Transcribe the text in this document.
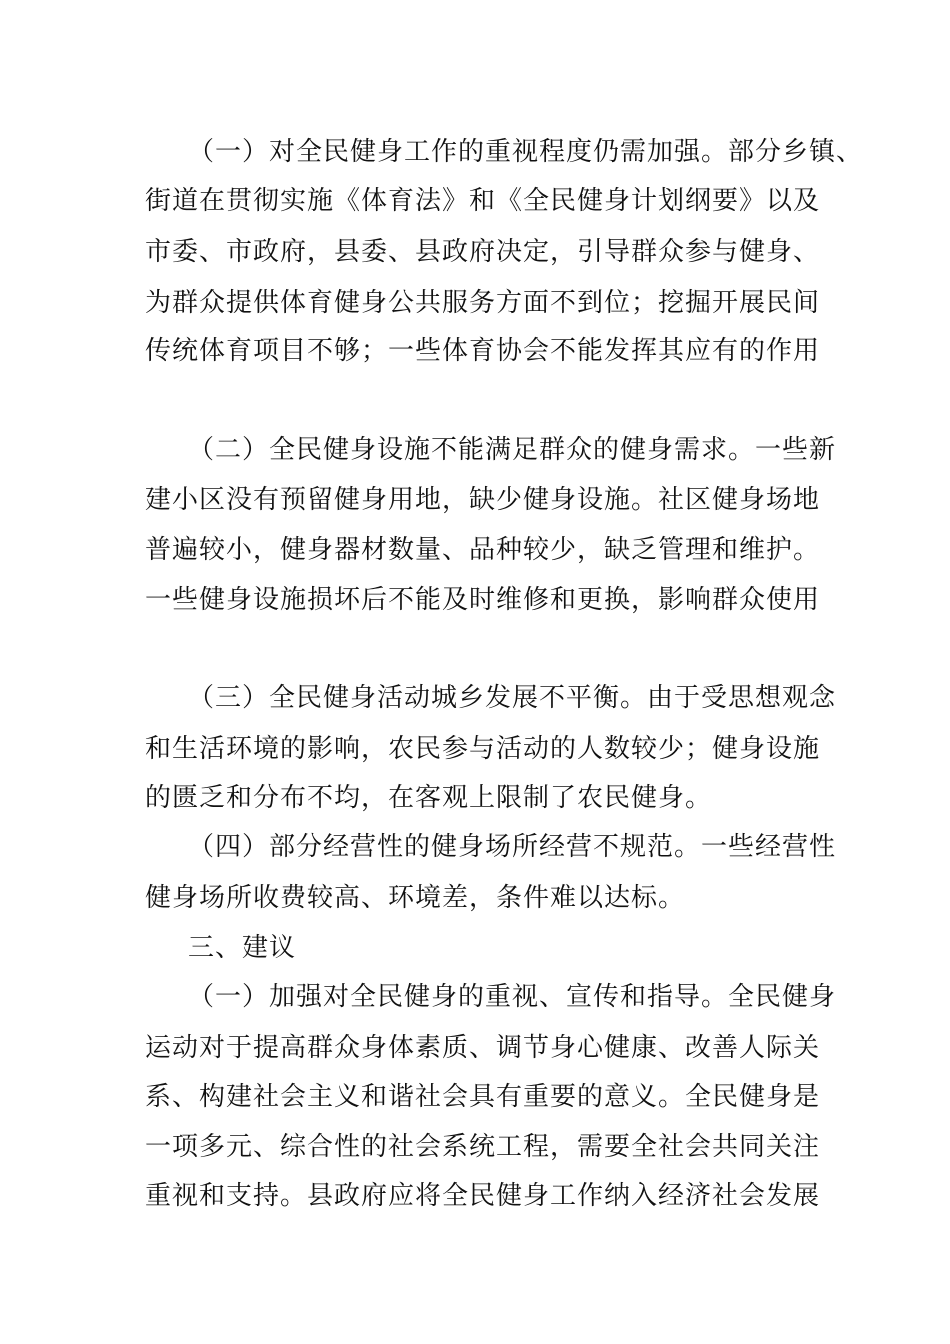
（一）对全民健身工作的重视程度仍需加强。部分乡镇、
街道在贯彻实施《体育法》和《全民健身计划纲要》以及
市委、市政府，县委、县政府决定，引导群众参与健身、
为群众提供体育健身公共服务方面不到位；挖掘开展民间
传统体育项目不够；一些体育协会不能发挥其应有的作用
（二）全民健身设施不能满足群众的健身需求。一些新
建小区没有预留健身用地，缺少健身设施。社区健身场地
普遍较小，健身器材数量、品种较少，缺乏管理和维护。
一些健身设施损坏后不能及时维修和更换，影响群众使用
（三）全民健身活动城乡发展不平衡。由于受思想观念
和生活环境的影响，农民参与活动的人数较少；健身设施
的匮乏和分布不均，在客观上限制了农民健身。
（四）部分经营性的健身场所经营不规范。一些经营性
健身场所收费较高、环境差，条件难以达标。
三、建议
（一）加强对全民健身的重视、宣传和指导。全民健身
运动对于提高群众身体素质、调节身心健康、改善人际关
系、构建社会主义和谐社会具有重要的意义。全民健身是
一项多元、综合性的社会系统工程，需要全社会共同关注
重视和支持。县政府应将全民健身工作纳入经济社会发展
